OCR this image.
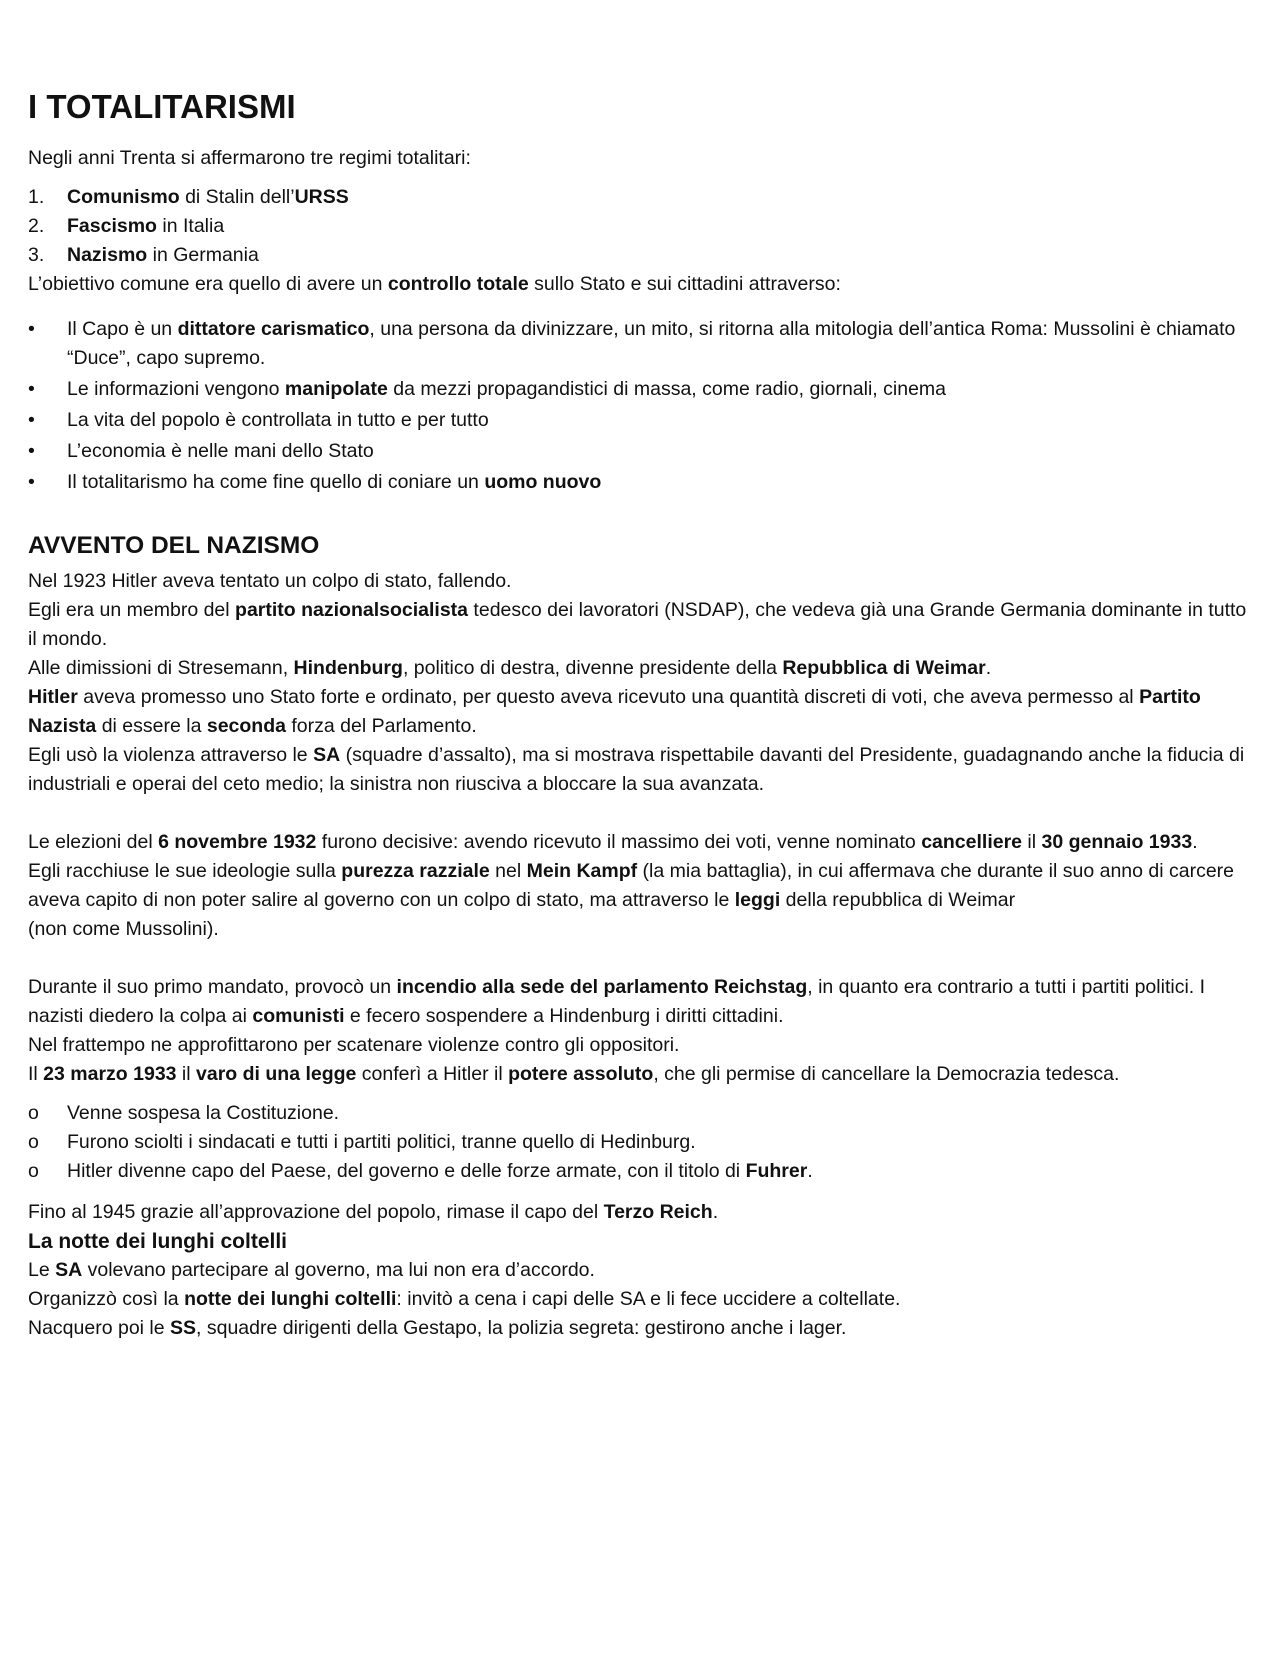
I TOTALITARISMI

Negli anni Trenta si affermarono tre regimi totalitari:

1.	Comunismo di Stalin dell’URSS
2.	Fascismo in Italia
3.	Nazismo in Germania

L’obiettivo comune era quello di avere un controllo totale sullo Stato e sui cittadini attraverso:

•	Il Capo è un dittatore carismatico, una persona da divinizzare, un mito, si ritorna alla mitologia dell’antica Roma: Mussolini è chiamato “Duce”, capo supremo.
•	Le informazioni vengono manipolate da mezzi propagandistici di massa, come radio, giornali, cinema
•	La vita del popolo è controllata in tutto e per tutto
•	L’economia è nelle mani dello Stato
•	Il totalitarismo ha come fine quello di coniare un uomo nuovo
AVVENTO DEL NAZISMO

Nel 1923 Hitler aveva tentato un colpo di stato, fallendo.

Egli era un membro del partito nazionalsocialista tedesco dei lavoratori (NSDAP), che vedeva già una Grande Germania dominante in tutto il mondo.

Alle dimissioni di Stresemann, Hindenburg, politico di destra, divenne presidente della Repubblica di Weimar.

Hitler aveva promesso uno Stato forte e ordinato, per questo aveva ricevuto una quantità discreti di voti, che aveva permesso al Partito Nazista di essere la seconda forza del Parlamento.

Egli usò la violenza attraverso le SA (squadre d’assalto), ma si mostrava rispettabile davanti del Presidente, guadagnando anche la fiducia di industriali e operai del ceto medio; la sinistra non riusciva a bloccare la sua avanzata.

Le elezioni del 6 novembre 1932 furono decisive: avendo ricevuto il massimo dei voti, venne nominato cancelliere il 30 gennaio 1933.

Egli racchiuse le sue ideologie sulla purezza razziale nel Mein Kampf (la mia battaglia), in cui affermava che durante il suo anno di carcere aveva capito di non poter salire al governo con un colpo di stato, ma attraverso le leggi della repubblica di Weimar

(non come Mussolini).

Durante il suo primo mandato, provocò un incendio alla sede del parlamento Reichstag, in quanto era contrario a tutti i partiti politici. I nazisti diedero la colpa ai comunisti e fecero sospendere a Hindenburg i diritti cittadini.

Nel frattempo ne approfittarono per scatenare violenze contro gli oppositori.

Il 23 marzo 1933 il varo di una legge conferì a Hitler il potere assoluto, che gli permise di cancellare la Democrazia tedesca.

o	Venne sospesa la Costituzione.
o	Furono sciolti i sindacati e tutti i partiti politici, tranne quello di Hedinburg.
o	Hitler divenne capo del Paese, del governo e delle forze armate, con il titolo di Fuhrer.

Fino al 1945 grazie all’approvazione del popolo, rimase il capo del Terzo Reich.

La notte dei lunghi coltelli

Le SA volevano partecipare al governo, ma lui non era d’accordo.

Organizzò così la notte dei lunghi coltelli: invitò a cena i capi delle SA e li fece uccidere a coltellate.

Nacquero poi le SS, squadre dirigenti della Gestapo, la polizia segreta: gestirono anche i lager.
